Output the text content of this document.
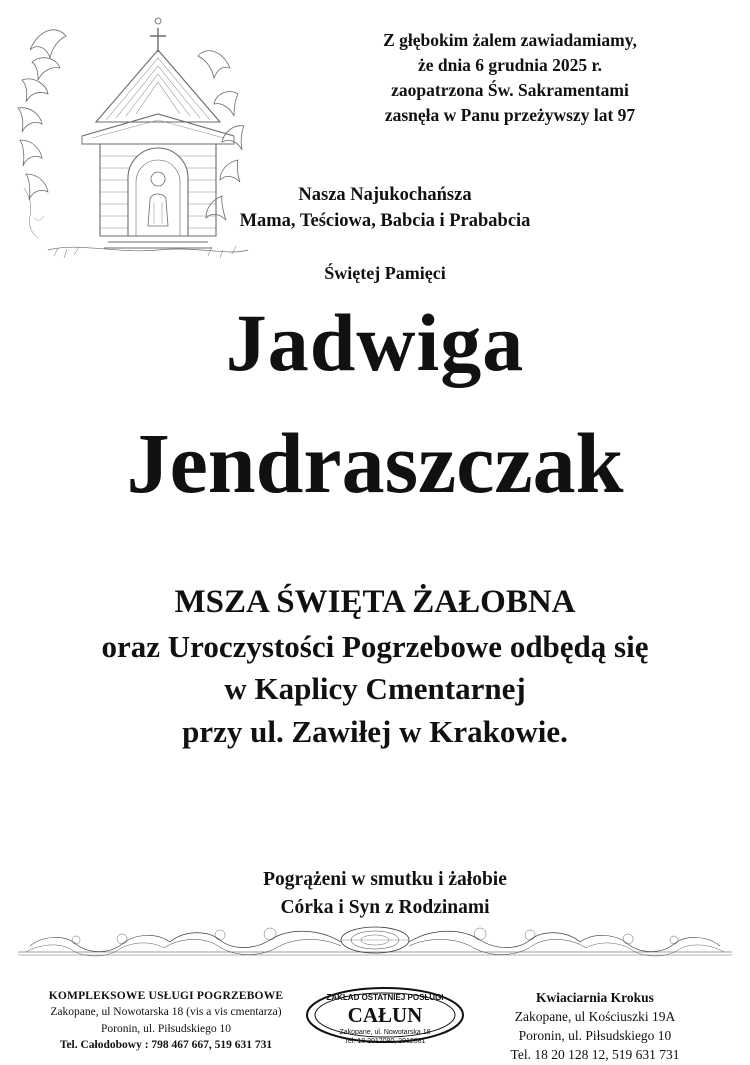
Z głębokim żalem zawiadamiamy,
że dnia 6 grudnia 2025 r.
zaopatrzona Św. Sakramentami
zasnęła w Panu przeżywszy lat 97
Nasza Najukochańsza
Mama, Teściowa, Babcia i Prababcia
Świętej Pamięci
Jadwiga
Jendraszczak
MSZA ŚWIĘTA ŻAŁOBNA
oraz Uroczystości Pogrzebowe odbędą się
w Kaplicy Cmentarnej
przy ul. Zawiłej w Krakowie.
Pogrążeni w smutku i żałobie
Córka i Syn z Rodzinami
KOMPLEKSOWE USŁUGI POGRZEBOWE
Zakopane, ul Nowotarska 18 (vis a vis cmentarza)
Poronin, ul. Piłsudskiego 10
Tel. Całodobowy : 798 467 667, 519 631 731
ZAKŁAD OSTATNIEJ POSŁUGI
CAŁUN
Zakopane, ul. Nowotarska 18
Tel. 18 2012080, 2012081
Kwiaciarnia Krokus
Zakopane, ul Kościuszki 19A
Poronin, ul. Piłsudskiego 10
Tel. 18 20 128 12, 519 631 731
